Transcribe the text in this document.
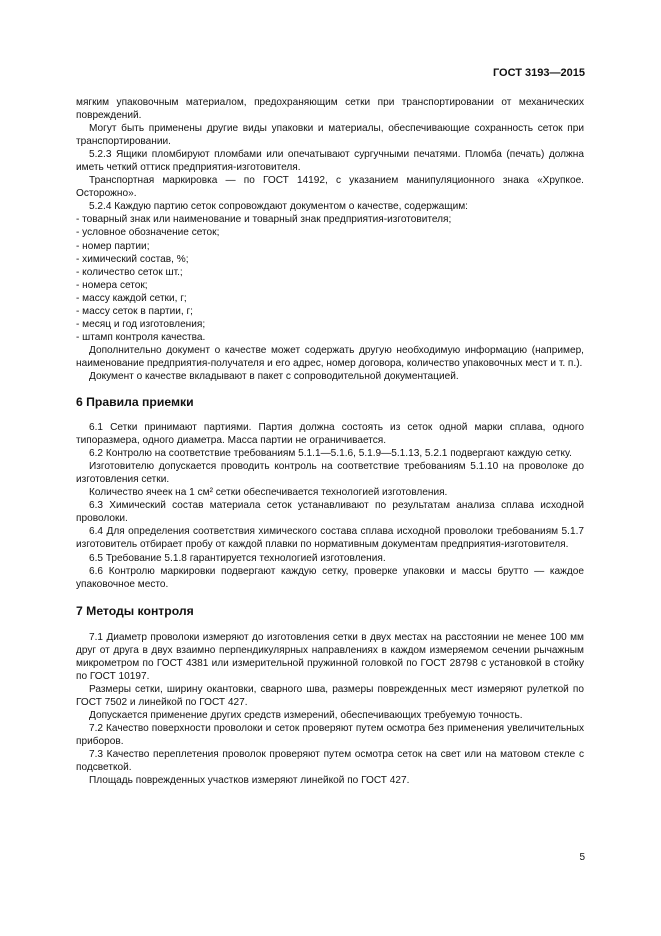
ГОСТ 3193—2015

мягким упаковочным материалом, предохраняющим сетки при транспортировании от механических повреждений.

Могут быть применены другие виды упаковки и материалы, обеспечивающие сохранность сеток при транспортировании.

5.2.3 Ящики пломбируют пломбами или опечатывают сургучными печатями. Пломба (печать) должна иметь четкий оттиск предприятия-изготовителя.

Транспортная маркировка — по ГОСТ 14192, с указанием манипуляционного знака «Хрупкое. Осторожно».

5.2.4 Каждую партию сеток сопровождают документом о качестве, содержащим:

- товарный знак или наименование и товарный знак предприятия-изготовителя;

- условное обозначение сеток;

- номер партии;

- химический состав, %;

- количество сеток шт.;

- номера сеток;

- массу каждой сетки, г;

- массу сеток в партии, г;

- месяц и год изготовления;

- штамп контроля качества.

Дополнительно документ о качестве может содержать другую необходимую информацию (например, наименование предприятия-получателя и его адрес, номер договора, количество упаковочных мест и т. п.).

Документ о качестве вкладывают в пакет с сопроводительной документацией.

6 Правила приемки

6.1 Сетки принимают партиями. Партия должна состоять из сеток одной марки сплава, одного типоразмера, одного диаметра. Масса партии не ограничивается.

6.2 Контролю на соответствие требованиям 5.1.1—5.1.6, 5.1.9—5.1.13, 5.2.1 подвергают каждую сетку.

Изготовителю допускается проводить контроль на соответствие требованиям 5.1.10 на проволоке до изготовления сетки.

Количество ячеек на 1 см² сетки обеспечивается технологией изготовления.

6.3 Химический состав материала сеток устанавливают по результатам анализа сплава исходной проволоки.

6.4 Для определения соответствия химического состава сплава исходной проволоки требованиям 5.1.7 изготовитель отбирает пробу от каждой плавки по нормативным документам предприятия-изготовителя.

6.5 Требование 5.1.8 гарантируется технологией изготовления.

6.6 Контролю маркировки подвергают каждую сетку, проверке упаковки и массы брутто — каждое упаковочное место.

7 Методы контроля

7.1 Диаметр проволоки измеряют до изготовления сетки в двух местах на расстоянии не менее 100 мм друг от друга в двух взаимно перпендикулярных направлениях в каждом измеряемом сечении рычажным микрометром по ГОСТ 4381 или измерительной пружинной головкой по ГОСТ 28798 с установкой в стойку по ГОСТ 10197.

Размеры сетки, ширину окантовки, сварного шва, размеры поврежденных мест измеряют рулеткой по ГОСТ 7502 и линейкой по ГОСТ 427.

Допускается применение других средств измерений, обеспечивающих требуемую точность.

7.2 Качество поверхности проволоки и сеток проверяют путем осмотра без применения увеличительных приборов.

7.3 Качество переплетения проволок проверяют путем осмотра сеток на свет или на матовом стекле с подсветкой.

Площадь поврежденных участков измеряют линейкой по ГОСТ 427.

5
